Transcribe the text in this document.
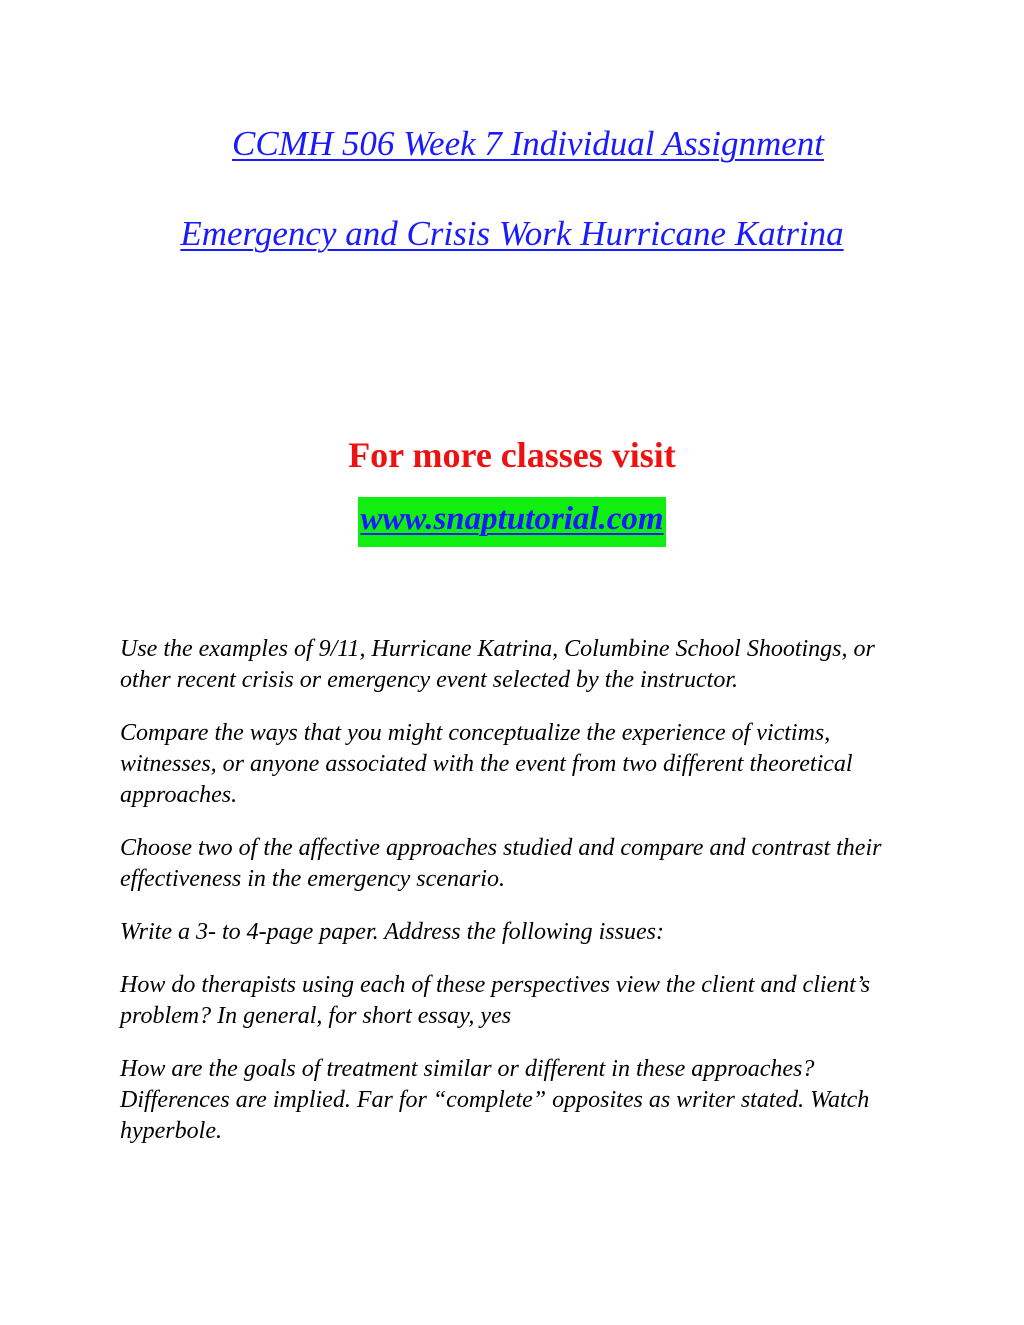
CCMH 506 Week 7 Individual Assignment
Emergency and Crisis Work Hurricane Katrina
For more classes visit
www.snaptutorial.com

Use the examples of 9/11, Hurricane Katrina, Columbine School Shootings, or other recent crisis or emergency event selected by the instructor.

Compare the ways that you might conceptualize the experience of victims, witnesses, or anyone associated with the event from two different theoretical approaches.

Choose two of the affective approaches studied and compare and contrast their effectiveness in the emergency scenario.

Write a 3- to 4-page paper. Address the following issues:

How do therapists using each of these perspectives view the client and client’s problem? In general, for short essay, yes

How are the goals of treatment similar or different in these approaches? Differences are implied. Far for “complete” opposites as writer stated. Watch hyperbole.
